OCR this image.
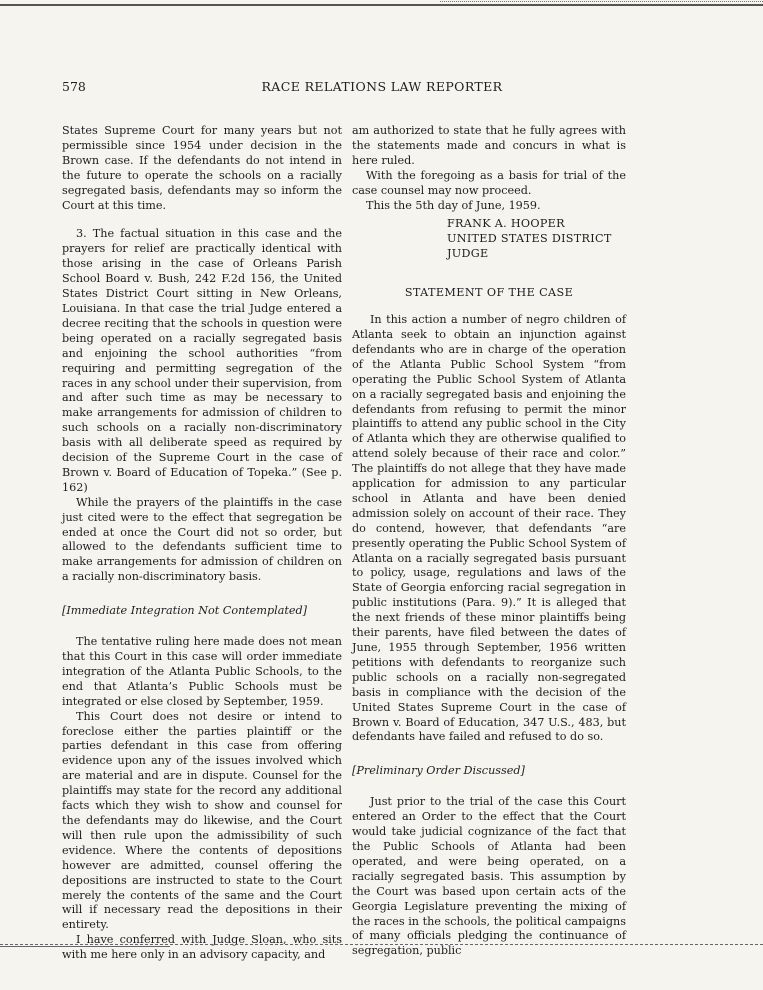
578	RACE RELATIONS LAW REPORTER

States Supreme Court for many years but not permissible since 1954 under decision in the Brown case. If the defendants do not intend in the future to operate the schools on a racially segregated basis, defendants may so inform the Court at this time.

3. The factual situation in this case and the prayers for relief are practically identical with those arising in the case of Orleans Parish School Board v. Bush, 242 F.2d 156, the United States District Court sitting in New Orleans, Louisiana. In that case the trial Judge entered a decree reciting that the schools in question were being operated on a racially segregated basis and enjoining the school authorities “from requiring and permitting segregation of the races in any school under their supervision, from and after such time as may be necessary to make arrangements for admission of children to such schools on a racially non-discriminatory basis with all deliberate speed as required by decision of the Supreme Court in the case of Brown v. Board of Education of Topeka.” (See p. 162)

While the prayers of the plaintiffs in the case just cited were to the effect that segregation be ended at once the Court did not so order, but allowed to the defendants sufficient time to make arrangements for admission of children on a racially non-discriminatory basis.

[Immediate Integration Not Contemplated]

The tentative ruling here made does not mean that this Court in this case will order immediate integration of the Atlanta Public Schools, to the end that Atlanta’s Public Schools must be integrated or else closed by September, 1959.

This Court does not desire or intend to foreclose either the parties plaintiff or the parties defendant in this case from offering evidence upon any of the issues involved which are material and are in dispute. Counsel for the plaintiffs may state for the record any additional facts which they wish to show and counsel for the defendants may do likewise, and the Court will then rule upon the admissibility of such evidence. Where the contents of depositions however are admitted, counsel offering the depositions are instructed to state to the Court merely the contents of the same and the Court will if necessary read the depositions in their entirety.

I have conferred with Judge Sloan, who sits with me here only in an advisory capacity, and

am authorized to state that he fully agrees with the statements made and concurs in what is here ruled.

With the foregoing as a basis for trial of the case counsel may now proceed.

This the 5th day of June, 1959.

FRANK A. HOOPER
UNITED STATES DISTRICT
JUDGE

STATEMENT OF THE CASE

In this action a number of negro children of Atlanta seek to obtain an injunction against defendants who are in charge of the operation of the Atlanta Public School System “from operating the Public School System of Atlanta on a racially segregated basis and enjoining the defendants from refusing to permit the minor plaintiffs to attend any public school in the City of Atlanta which they are otherwise qualified to attend solely because of their race and color.” The plaintiffs do not allege that they have made application for admission to any particular school in Atlanta and have been denied admission solely on account of their race. They do contend, however, that defendants “are presently operating the Public School System of Atlanta on a racially segregated basis pursuant to policy, usage, regulations and laws of the State of Georgia enforcing racial segregation in public institutions (Para. 9).” It is alleged that the next friends of these minor plaintiffs being their parents, have filed between the dates of June, 1955 through September, 1956 written petitions with defendants to reorganize such public schools on a racially non-segregated basis in compliance with the decision of the United States Supreme Court in the case of Brown v. Board of Education, 347 U.S., 483, but defendants have failed and refused to do so.

[Preliminary Order Discussed]

Just prior to the trial of the case this Court entered an Order to the effect that the Court would take judicial cognizance of the fact that the Public Schools of Atlanta had been operated, and were being operated, on a racially segregated basis. This assumption by the Court was based upon certain acts of the Georgia Legislature preventing the mixing of the races in the schools, the political campaigns of many officials pledging the continuance of segregation, public
